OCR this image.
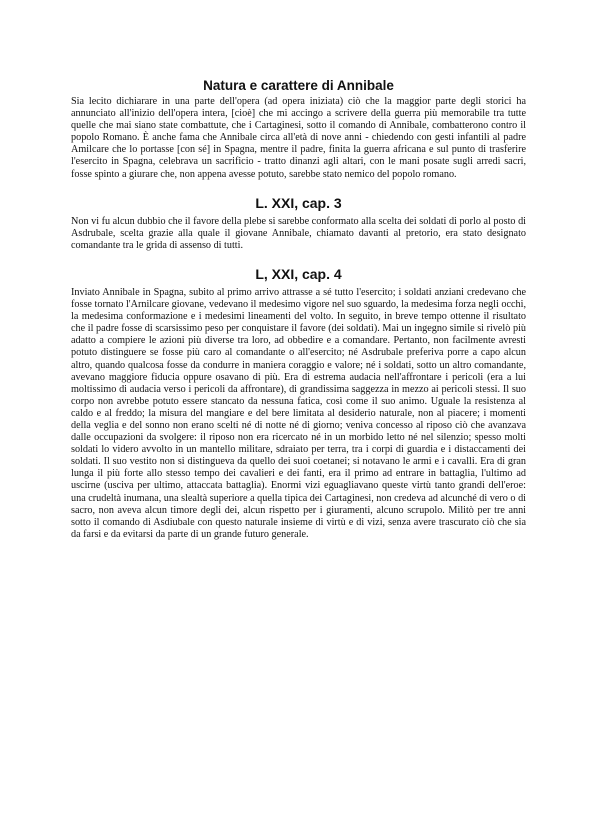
Natura e carattere di Annibale

Sia lecito dichiarare in una parte dell'opera (ad opera iniziata) ciò che la maggior parte degli storici ha annunciato all'inizio dell'opera intera, [cioè] che mi accingo a scrivere della guerra più memorabile tra tutte quelle che mai siano state combattute, che i Cartaginesi, sotto il comando di Annibale, combatterono contro il popolo Romano. È anche fama che Annibale circa all'età di nove anni - chiedendo con gesti infantili al padre Amilcare che lo portasse [con sé] in Spagna, mentre il padre, finita la guerra africana e sul punto di trasferire l'esercito in Spagna, celebrava un sacrificio - tratto dinanzi agli altari, con le mani posate sugli arredi sacri, fosse spinto a giurare che, non appena avesse potuto, sarebbe stato nemico del popolo romano.

L. XXI, cap. 3

Non vi fu alcun dubbio che il favore della plebe si sarebbe conformato alla scelta dei soldati di porlo al posto di Asdrubale, scelta grazie alla quale il giovane Annibale, chiamato davanti al pretorio, era stato designato comandante tra le grida di assenso di tutti.

L, XXI, cap. 4

Inviato Annibale in Spagna, subito al primo arrivo attrasse a sé tutto l'esercito; i soldati anziani credevano che fosse tornato l'Arnilcare giovane, vedevano il medesimo vigore nel suo sguardo, la medesima forza negli occhi, la medesima conformazione e i medesimi lineamenti del volto. In seguito, in breve tempo ottenne il risultato che il padre fosse di scarsissimo peso per conquistare il favore (dei soldati). Mai un ingegno simile si rivelò più adatto a compiere le azioni più diverse tra loro, ad obbedire e a comandare. Pertanto, non facilmente avresti potuto distinguere se fosse più caro al comandante o all'esercito; né Asdrubale preferiva porre a capo alcun altro, quando qualcosa fosse da condurre in maniera coraggio e valore; né i soldati, sotto un altro comandante, avevano maggiore fiducia oppure osavano di più. Era di estrema audacia nell'affrontare i pericoli (era a lui moltissimo di audacia verso i pericoli da affrontare), di grandissima saggezza in mezzo ai pericoli stessi. Il suo corpo non avrebbe potuto essere stancato da nessuna fatica, così come il suo animo. Uguale la resistenza al caldo e al freddo; la misura del mangiare e del bere limitata al desiderio naturale, non al piacere; i momenti della veglia e del sonno non erano scelti né di notte né di giorno; veniva concesso al riposo ciò che avanzava dalle occupazioni da svolgere: il riposo non era ricercato né in un morbido letto né nel silenzio; spesso molti soldati lo videro avvolto in un mantello militare, sdraiato per terra, tra i corpi di guardia e i distaccamenti dei soldati. Il suo vestito non si distingueva da quello dei suoi coetanei; si notavano le armi e i cavalli. Era di gran lunga il più forte allo stesso tempo dei cavalieri e dei fanti, era il primo ad entrare in battaglia, l'ultimo ad uscirne (usciva per ultimo, attaccata battaglia). Enormi vizi eguagliavano queste virtù tanto grandi dell'eroe: una crudeltà inumana, una slealtà superiore a quella tipica dei Cartaginesi, non credeva ad alcunché di vero o di sacro, non aveva alcun timore degli dei, alcun rispetto per i giuramenti, alcuno scrupolo. Militò per tre anni sotto il comando di Asdiubale con questo naturale insieme di virtù e di vizi, senza avere trascurato ciò che sia da farsi e da evitarsi da parte di un grande futuro generale.
